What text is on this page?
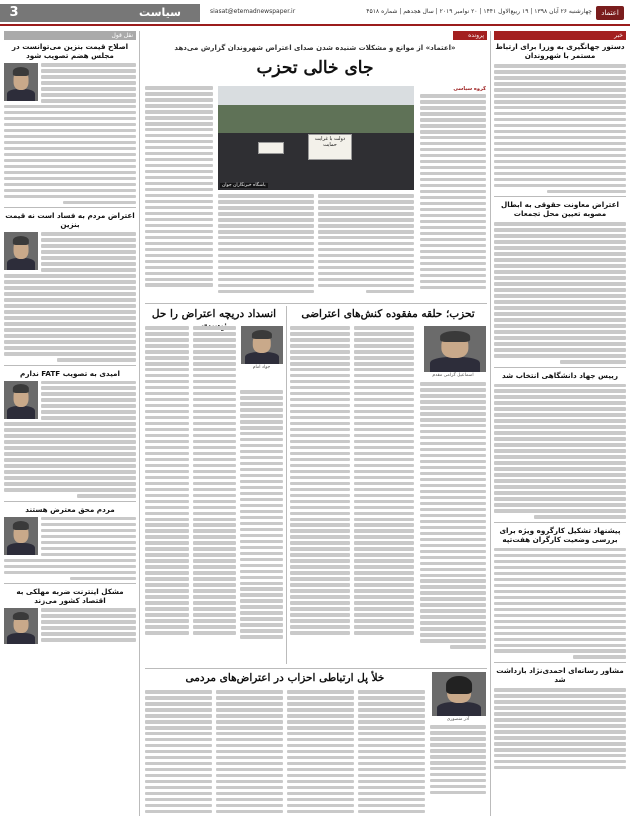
اعتماد
چهارشنبه ۲۶ آبان ۱۳۹۸ | ۱۹ ربیع‌الاول ۱۴۴۱ | ۲۰ نوامبر ۲۰۱۹ | سال هجدهم | شماره ۴۵۱۸
siasat@etemadnewspaper.ir
سیاست
3
خبر
دستور جهانگیری به وزرا برای ارتباط مستمر با شهروندان
اعتراض معاونت حقوقی به ابطال مصوبه تعیین محل تجمعات
رییس جهاد دانشگاهی انتخاب شد
پیشنهاد تشکیل کارگروه ویژه برای بررسی وضعیت کارگران هفت‌تپه
مشاور رسانه‌ای احمدی‌نژاد بازداشت شد
نقل قول
اصلاح قیمت بنزین می‌توانست در مجلس هضم تصویب شود
اعتراض مردم به فساد است نه قیمت بنزین
امیدی به تصویب FATF ندارم
مردم محق معترض هستند
مشکل اینترنت ضربه مهلکی به اقتصاد کشور می‌زند
پرونده
«اعتماد» از موانع و مشکلات شنیده شدن صدای اعتراض شهروندان گزارش می‌دهد
جای خالی تحزب
گروه سیاسی
دولت با غرایت حمایت
باشگاه خبرنگاران جوان
تحزب؛ حلقه مفقوده کنش‌های اعتراضی
اسماعیل گرامی مقدم
انسداد دریچه اعتراض را حل
جواد امام
خلأ پل ارتباطی احزاب در اعتراض‌های مردمی
آذر منصوری
